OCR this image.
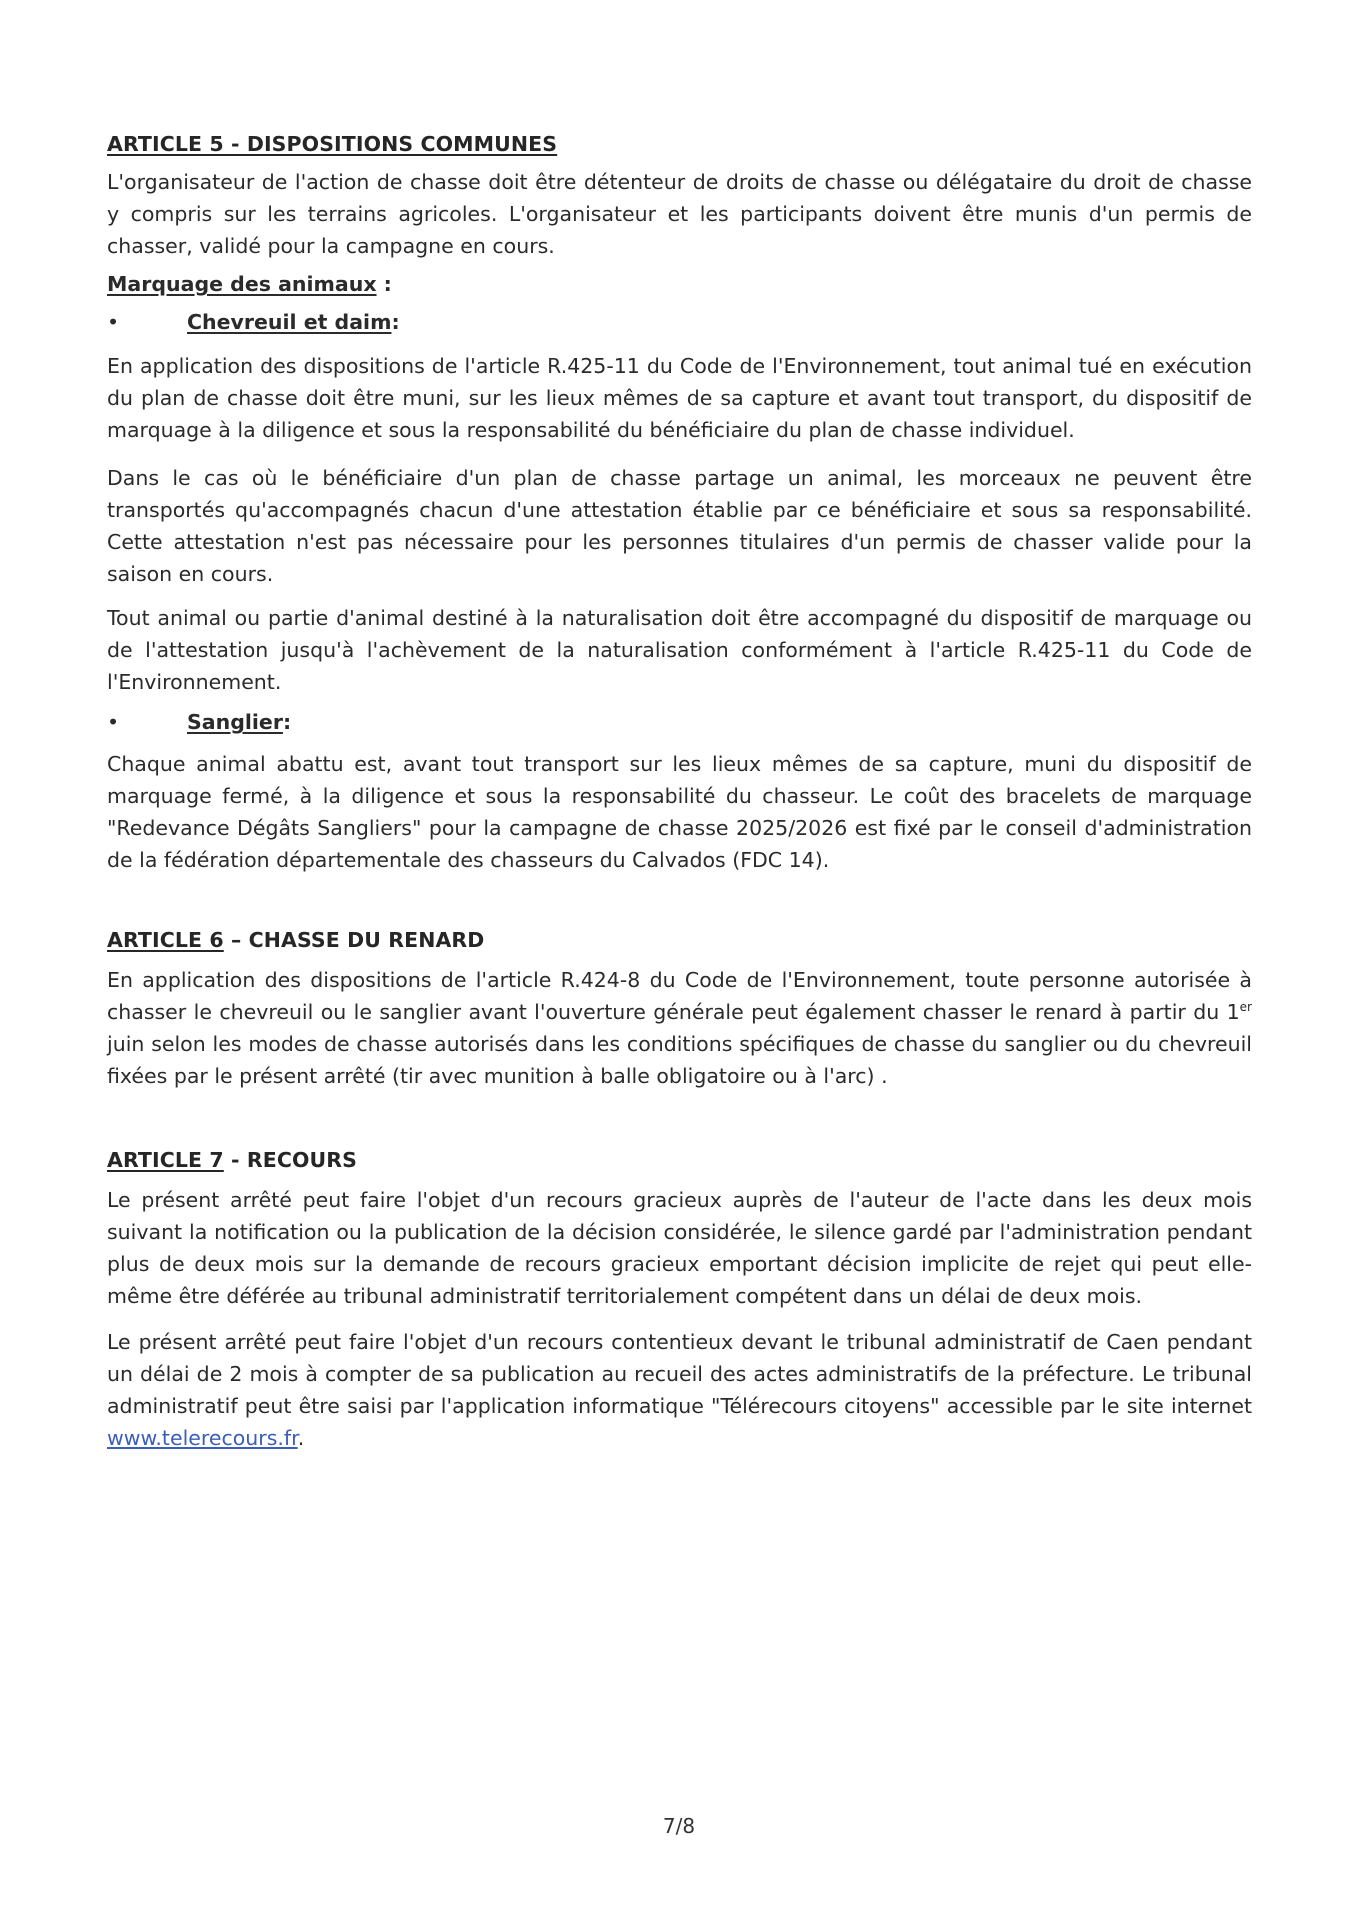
ARTICLE 5 - DISPOSITIONS COMMUNES

L'organisateur de l'action de chasse doit être détenteur de droits de chasse ou délégataire du droit de chasse y compris sur les terrains agricoles. L'organisateur et les participants doivent être munis d'un permis de chasser, validé pour la campagne en cours.

Marquage des animaux :
•	Chevreuil et daim :

En application des dispositions de l'article R.425-11 du Code de l'Environnement, tout animal tué en exécution du plan de chasse doit être muni, sur les lieux mêmes de sa capture et avant tout transport, du dispositif de marquage à la diligence et sous la responsabilité du bénéficiaire du plan de chasse individuel.

Dans le cas où le bénéficiaire d'un plan de chasse partage un animal, les morceaux ne peuvent être transportés qu'accompagnés chacun d'une attestation établie par ce bénéficiaire et sous sa responsabilité. Cette attestation n'est pas nécessaire pour les personnes titulaires d'un permis de chasser valide pour la saison en cours.

Tout animal ou partie d'animal destiné à la naturalisation doit être accompagné du dispositif de marquage ou de l'attestation jusqu'à l'achèvement de la naturalisation conformément à l'article R.425-11 du Code de l'Environnement.

•	Sanglier :

Chaque animal abattu est, avant tout transport sur les lieux mêmes de sa capture, muni du dispositif de marquage fermé, à la diligence et sous la responsabilité du chasseur. Le coût des bracelets de marquage "Redevance Dégâts Sangliers" pour la campagne de chasse 2025/2026 est fixé par le conseil d'administration de la fédération départementale des chasseurs du Calvados (FDC 14).

ARTICLE 6 – CHASSE DU RENARD

En application des dispositions de l'article R.424-8 du Code de l'Environnement, toute personne autorisée à chasser le chevreuil ou le sanglier avant l'ouverture générale peut également chasser le renard à partir du 1er juin selon les modes de chasse autorisés dans les conditions spécifiques de chasse du sanglier ou du chevreuil fixées par le présent arrêté (tir avec munition à balle obligatoire ou à l'arc) .

ARTICLE 7 - RECOURS

Le présent arrêté peut faire l'objet d'un recours gracieux auprès de l'auteur de l'acte dans les deux mois suivant la notification ou la publication de la décision considérée, le silence gardé par l'administration pendant plus de deux mois sur la demande de recours gracieux emportant décision implicite de rejet qui peut elle-même être déférée au tribunal administratif territorialement compétent dans un délai de deux mois.

Le présent arrêté peut faire l'objet d'un recours contentieux devant le tribunal administratif de Caen pendant un délai de 2 mois à compter de sa publication au recueil des actes administratifs de la préfecture. Le tribunal administratif peut être saisi par l'application informatique "Télérecours citoyens" accessible par le site internet www.telerecours.fr.

7/8
